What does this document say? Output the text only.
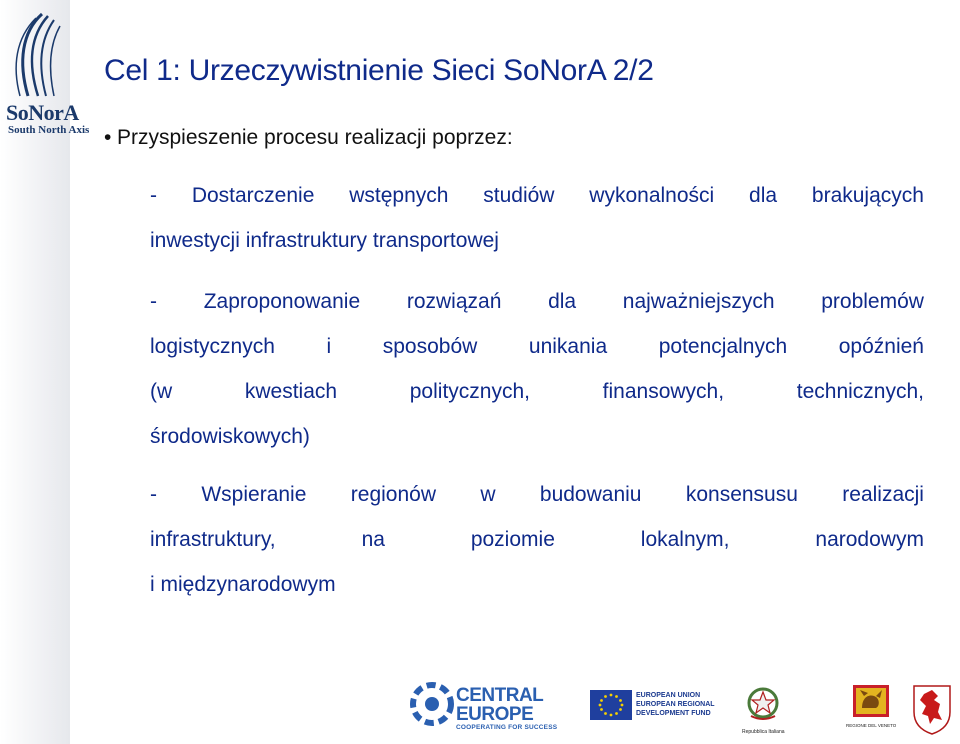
SoNorA
South North Axis
Cel 1: Urzeczywistnienie Sieci SoNorA 2/2
• Przyspieszenie procesu realizacji poprzez:
- Dostarczenie wstępnych studiów wykonalności dla brakujących
inwestycji infrastruktury transportowej
- Zaproponowanie rozwiązań dla najważniejszych problemów
logistycznych i sposobów unikania potencjalnych opóźnień
(w	kwestiach	politycznych,	finansowych,	technicznych,
środowiskowych)
- Wspieranie regionów w budowaniu konsensusu realizacji
infrastruktury,	na	poziomie	lokalnym,	narodowym
i międzynarodowym
CENTRAL
EUROPE
COOPERATING FOR SUCCESS
EUROPEAN UNION
EUROPEAN REGIONAL
DEVELOPMENT FUND
Repubblica Italiana
REGIONE DEL VENETO
